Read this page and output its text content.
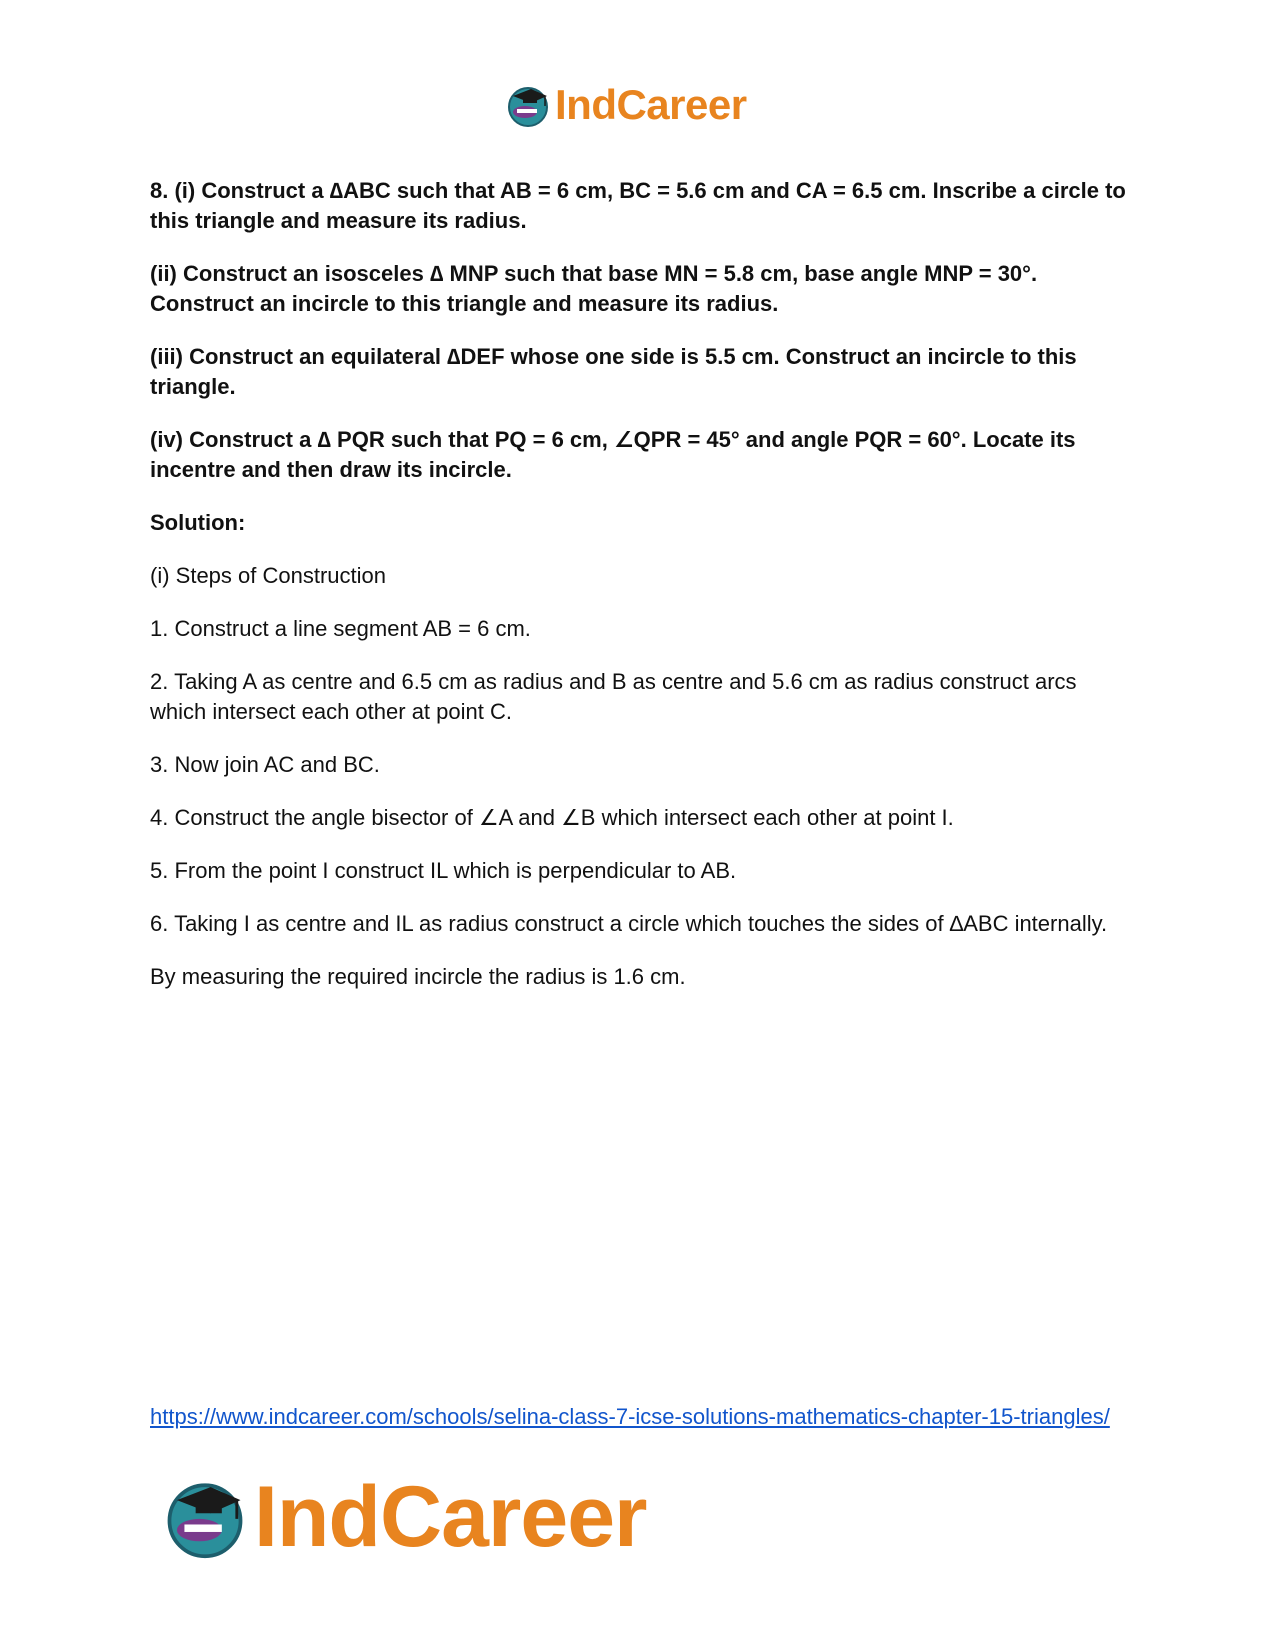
IndCareer

8. (i) Construct a ∆ABC such that AB = 6 cm, BC = 5.6 cm and CA = 6.5 cm. Inscribe a circle to this triangle and measure its radius.

(ii) Construct an isosceles ∆ MNP such that base MN = 5.8 cm, base angle MNP = 30°. Construct an incircle to this triangle and measure its radius.

(iii) Construct an equilateral ∆DEF whose one side is 5.5 cm. Construct an incircle to this triangle.

(iv) Construct a ∆ PQR such that PQ = 6 cm, ∠QPR = 45° and angle PQR = 60°. Locate its incentre and then draw its incircle.

Solution:

(i) Steps of Construction

1. Construct a line segment AB = 6 cm.

2. Taking A as centre and 6.5 cm as radius and B as centre and 5.6 cm as radius construct arcs which intersect each other at point C.

3. Now join AC and BC.

4. Construct the angle bisector of ∠A and ∠B which intersect each other at point I.

5. From the point I construct IL which is perpendicular to AB.

6. Taking I as centre and IL as radius construct a circle which touches the sides of ∆ABC internally.

By measuring the required incircle the radius is 1.6 cm.

https://www.indcareer.com/schools/selina-class-7-icse-solutions-mathematics-chapter-15-triangles/
IndCareer
